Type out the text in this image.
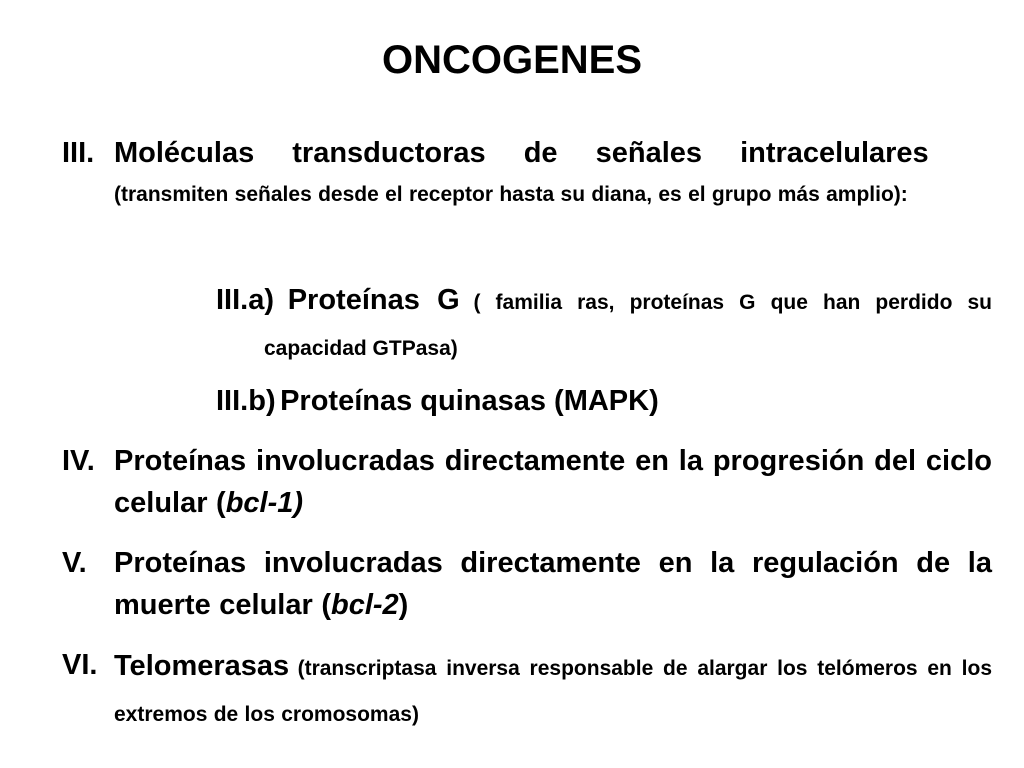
ONCOGENES
III. Moléculas transductoras de señales intracelulares
(transmiten señales desde el receptor hasta su diana, es el grupo más amplio):
III.a) Proteínas G ( familia ras, proteínas G que han perdido su capacidad GTPasa)
III.b) Proteínas quinasas (MAPK)
IV. Proteínas involucradas directamente en la progresión del ciclo celular (bcl-1)
V. Proteínas involucradas directamente en la regulación de la muerte celular (bcl-2)
VI. Telomerasas (transcriptasa inversa responsable de alargar los telómeros en los extremos de los cromosomas)
